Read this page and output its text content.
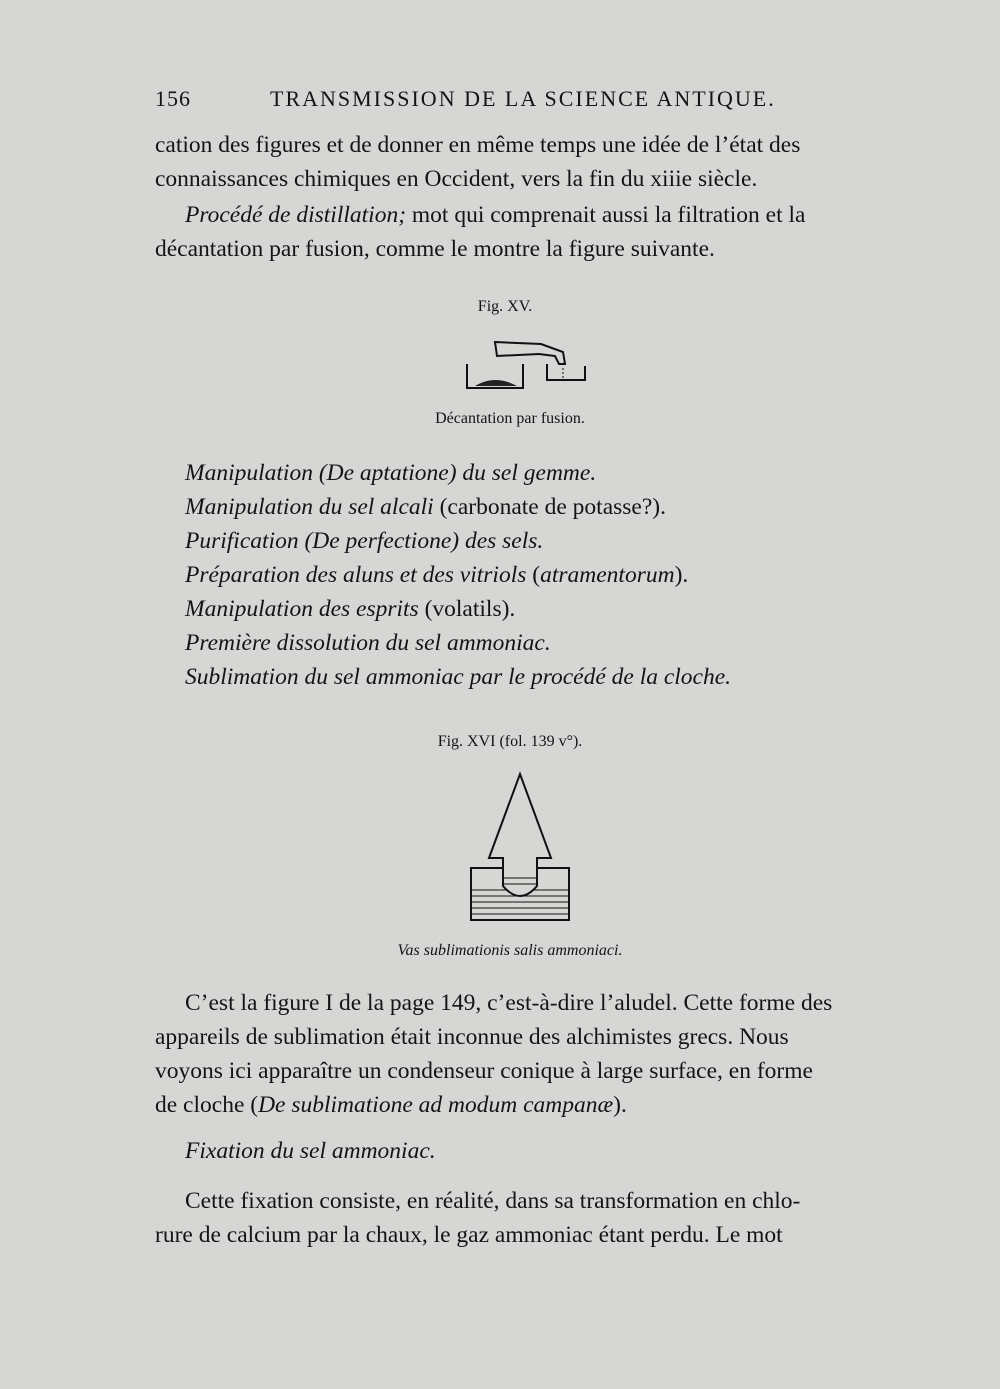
156	TRANSMISSION DE LA SCIENCE ANTIQUE.
cation des figures et de donner en même temps une idée de l’état des
connaissances chimiques en Occident, vers la fin du xiiie siècle.
Procédé de distillation; mot qui comprenait aussi la filtration et la
décantation par fusion, comme le montre la figure suivante.
Fig. XV.
Décantation par fusion.
Manipulation (De aptatione) du sel gemme.
Manipulation du sel alcali (carbonate de potasse?).
Purification (De perfectione) des sels.
Préparation des aluns et des vitriols (atramentorum).
Manipulation des esprits (volatils).
Première dissolution du sel ammoniac.
Sublimation du sel ammoniac par le procédé de la cloche.
Fig. XVI (fol. 139 v°).
Vas sublimationis salis ammoniaci.
C’est la figure I de la page 149, c’est-à-dire l’aludel. Cette forme des
appareils de sublimation était inconnue des alchimistes grecs. Nous
voyons ici apparaître un condenseur conique à large surface, en forme
de cloche (De sublimatione ad modum campanæ).
Fixation du sel ammoniac.
Cette fixation consiste, en réalité, dans sa transformation en chlo-
rure de calcium par la chaux, le gaz ammoniac étant perdu. Le mot
